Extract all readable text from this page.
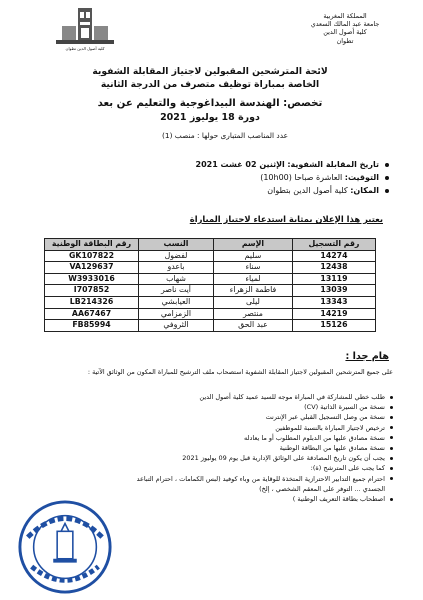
كلية أصول الدين تطوان
المملكة المغربية
جامعة عبد المالك السعدي
كلية أصول الدين
تطوان
لائحة المترشحين المقبولين لاجتياز المقابلة الشفوية
الخاصة بمباراة توظيف متصرف من الدرجة الثانية
تخصص: الهندسة البيداغوجية والتعليم عن بعد
دورة 18 يوليوز 2021
عدد المناصب المتبارى حولها : منصب (1)
تاريخ المقابلة الشفوية: الإثنين 02 غشت 2021
التوقيت: العاشرة صباحا (10h00)
المكان: كلية أصول الدين بتطوان
يعتبر هذا الإعلان بمثابة استدعاء لاجتياز المباراة
رقم التسجيل	الإسم	النسب	رقم البطاقة الوطنية
14274	سليم	لفضول	GK107822
12438	سناء	باعدو	VA129637
13119	لمياء	شهاب	W3933016
13039	فاطمة الزهراء	أيت ناصر	I707852
13343	ليلى	العيابشي	LB214326
14219	منتصر	الزمزامي	AA67467
15126	عبد الحق	الثروفي	FB85994
هام جدا :
على جميع المترشحين المقبولين لاجتياز المقابلة الشفوية استصحاب ملف الترشيح للمباراة المكون من الوثائق الآتية :
طلب خطي للمشاركة في المباراة موجه للسيد عميد كلية أصول الدين
نسخة من السيرة الذاتية (CV)
نسخة من وصل التسجيل القبلي عبر الإنترنت
ترخيص لاجتياز المباراة بالنسبة للموظفين
نسخة مصادق عليها من الدبلوم المطلوب أو ما يعادله
نسخة مصادق عليها من البطاقة الوطنية
يجب أن يكون تاريخ المصادقة على الوثائق الإدارية قبل يوم 09 يوليوز 2021
كما يجب على المترشح (ة):
احترام جميع التدابير الاحترازية المتخذة للوقاية من وباء كوفيد (لبس الكمامات ، احترام التباعد
الجسدي ... التوفر على المعقم الشخصي ، إلخ)
اصطحاب بطاقة التعريف الوطنية )
